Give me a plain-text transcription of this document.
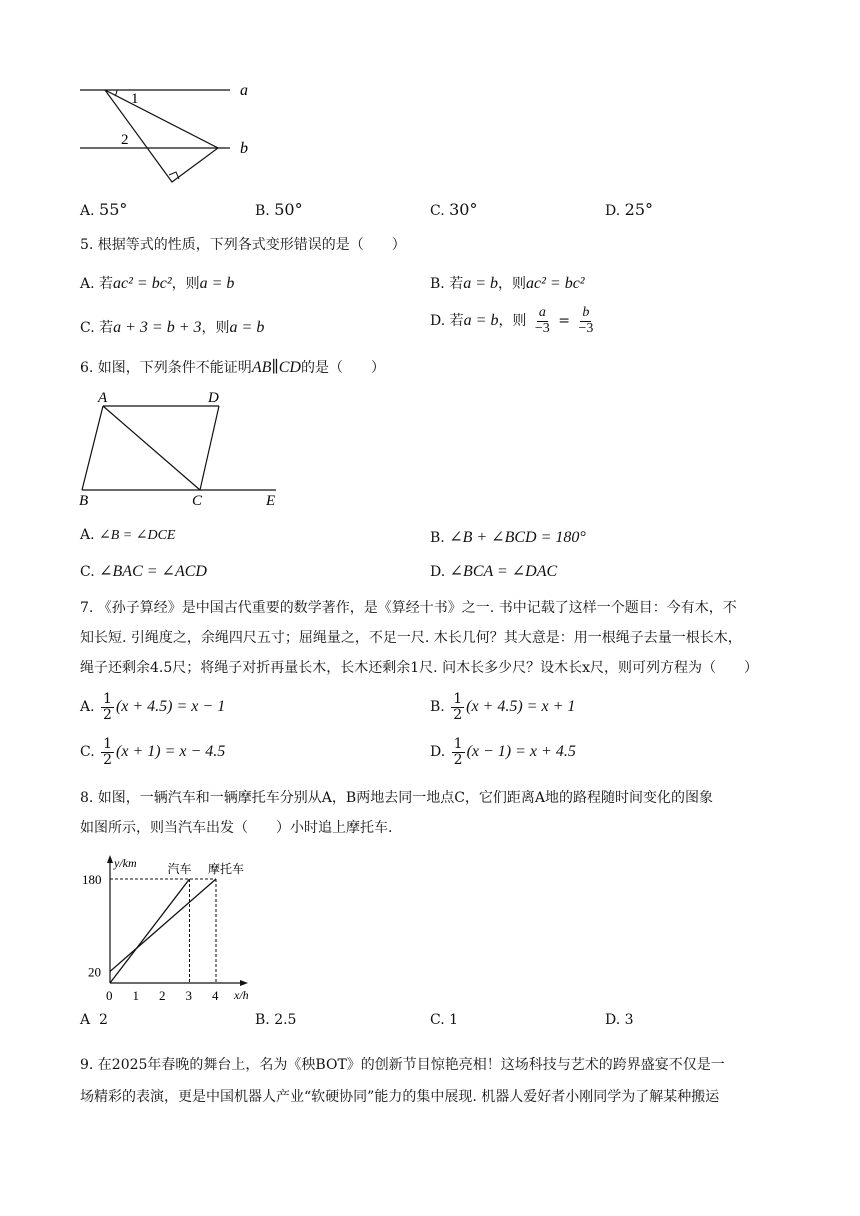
1
2
a
b
A. 55°	B. 50°	C. 30°	D. 25°
5. 根据等式的性质，下列各式变形错误的是（　　）
A. 若ac² = bc²，则a = b	B. 若a = b，则ac² = bc²
C. 若a + 3 = b + 3，则a = b	D. 若a = b，则 $\frac{a}{-3} = \frac{b}{-3}$
6. 如图，下列条件不能证明AB∥CD的是（　　）
A	D
B	C	E
A. ∠B = ∠DCE	B. ∠B + ∠BCD = 180°
C. ∠BAC = ∠ACD	D. ∠BCA = ∠DAC
7. 《孙子算经》是中国古代重要的数学著作，是《算经十书》之一. 书中记载了这样一个题目：今有木，不
知长短. 引绳度之，余绳四尺五寸；屈绳量之，不足一尺. 木长几何？其大意是：用一根绳子去量一根长木，
绳子还剩余4.5尺；将绳子对折再量长木，长木还剩余1尺. 问木长多少尺？设木长x尺，则可列方程为（　　）
A. $\frac{1}{2} (x + 4.5) = x - 1$	B. $\frac{1}{2} (x + 4.5) = x + 1$
C. $\frac{1}{2} (x + 1) = x - 4.5$	D. $\frac{1}{2} (x - 1) = x + 4.5$
8. 如图，一辆汽车和一辆摩托车分别从A，B两地去同一地点C，它们距离A地的路程随时间变化的图象
如图所示，则当汽车出发（　　）小时追上摩托车.
y/km
x/h
180
20
0 1 2 3 4
汽车 摩托车
A 2	B. 2.5	C. 1	D. 3
9. 在2025年春晚的舞台上，名为《秧BOT》的创新节目惊艳亮相！这场科技与艺术的跨界盛宴不仅是一
场精彩的表演，更是中国机器人产业“软硬协同”能力的集中展现. 机器人爱好者小刚同学为了解某种搬运
